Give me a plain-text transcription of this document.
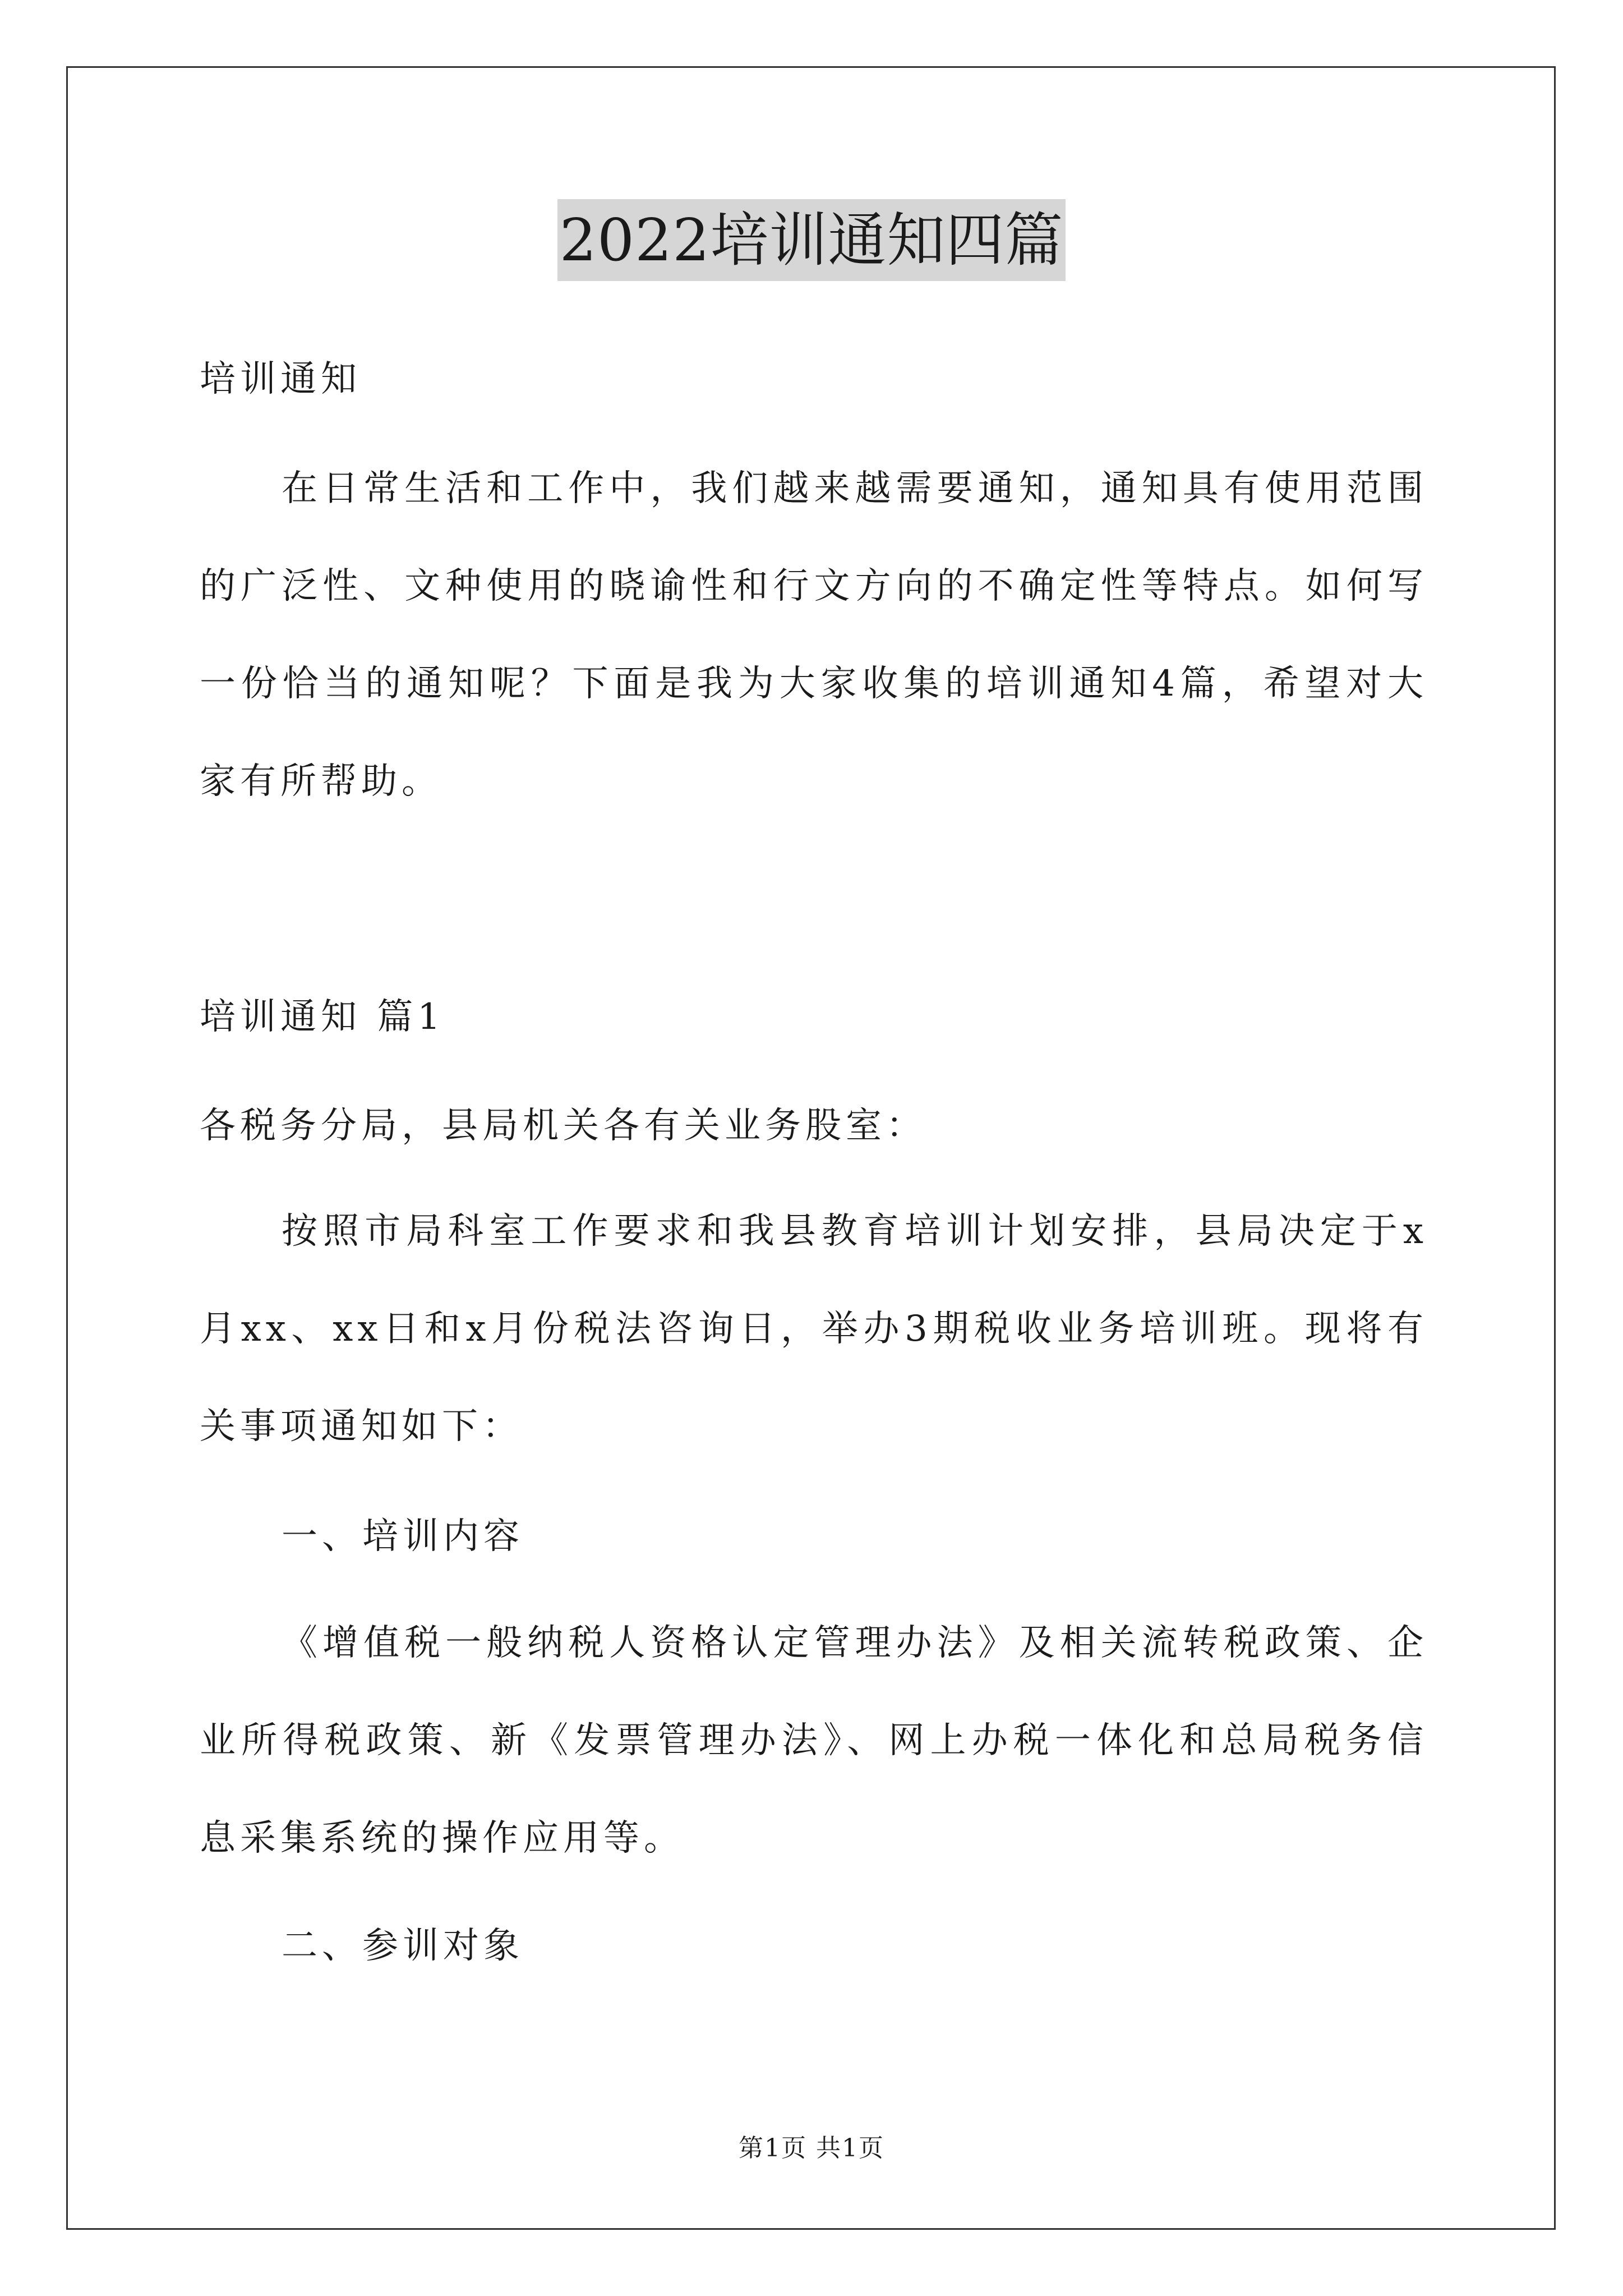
2022培训通知四篇

培训通知

在日常生活和工作中，我们越来越需要通知，通知具有使用范围的广泛性、文种使用的晓谕性和行文方向的不确定性等特点。如何写一份恰当的通知呢？下面是我为大家收集的培训通知4篇，希望对大家有所帮助。

培训通知 篇1

各税务分局，县局机关各有关业务股室：

按照市局科室工作要求和我县教育培训计划安排，县局决定于x月xx、xx日和x月份税法咨询日，举办3期税收业务培训班。现将有关事项通知如下：

一、培训内容

《增值税一般纳税人资格认定管理办法》及相关流转税政策、企业所得税政策、新《发票管理办法》、网上办税一体化和总局税务信息采集系统的操作应用等。

二、参训对象

第1页 共1页
